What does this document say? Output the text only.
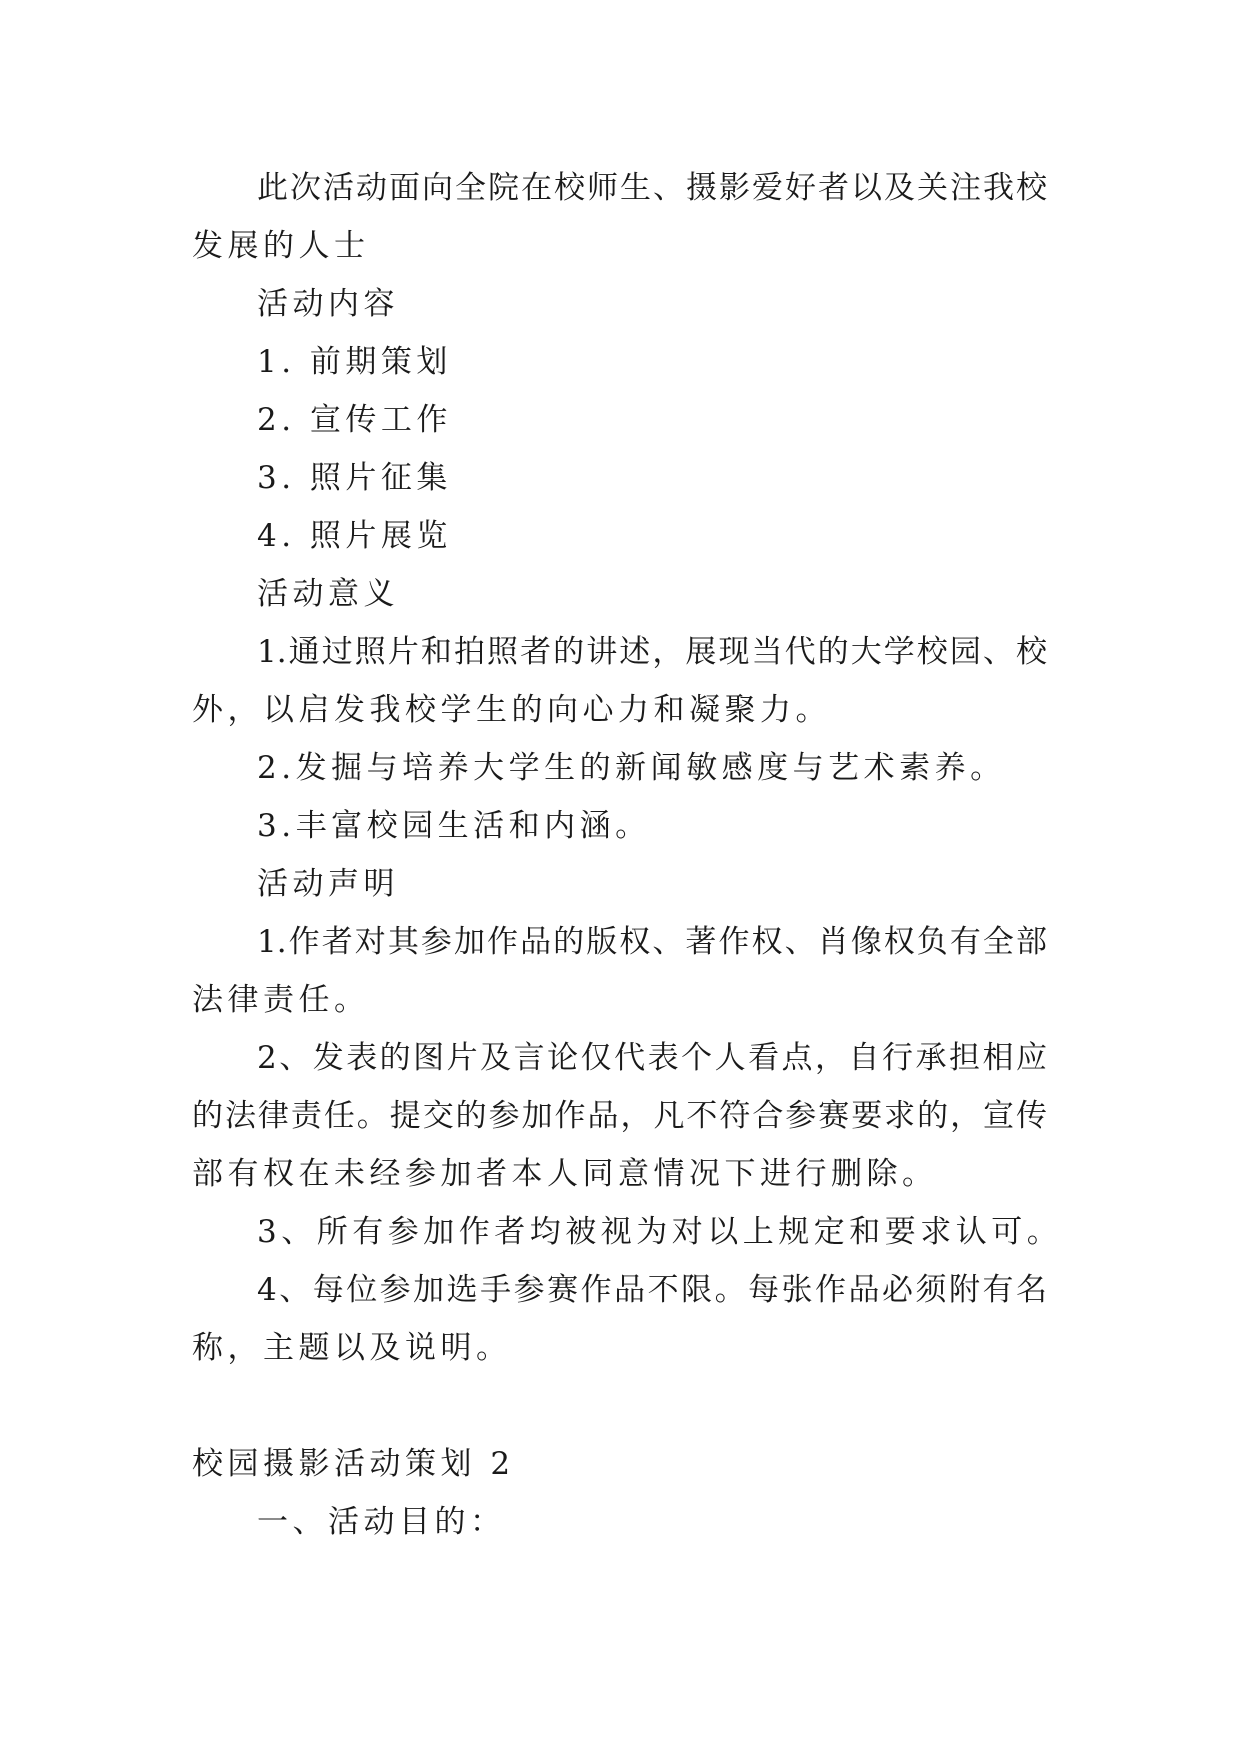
此次活动面向全院在校师生、摄影爱好者以及关注我校
发展的人士
活动内容
1. 前期策划
2. 宣传工作
3. 照片征集
4. 照片展览
活动意义
1.通过照片和拍照者的讲述，展现当代的大学校园、校
外，以启发我校学生的向心力和凝聚力。
2.发掘与培养大学生的新闻敏感度与艺术素养。
3.丰富校园生活和内涵。
活动声明
1.作者对其参加作品的版权、著作权、肖像权负有全部
法律责任。
2、发表的图片及言论仅代表个人看点，自行承担相应
的法律责任。提交的参加作品，凡不符合参赛要求的，宣传
部有权在未经参加者本人同意情况下进行删除。
3、所有参加作者均被视为对以上规定和要求认可。
4、每位参加选手参赛作品不限。每张作品必须附有名
称，主题以及说明。
校园摄影活动策划 2
一、活动目的：
